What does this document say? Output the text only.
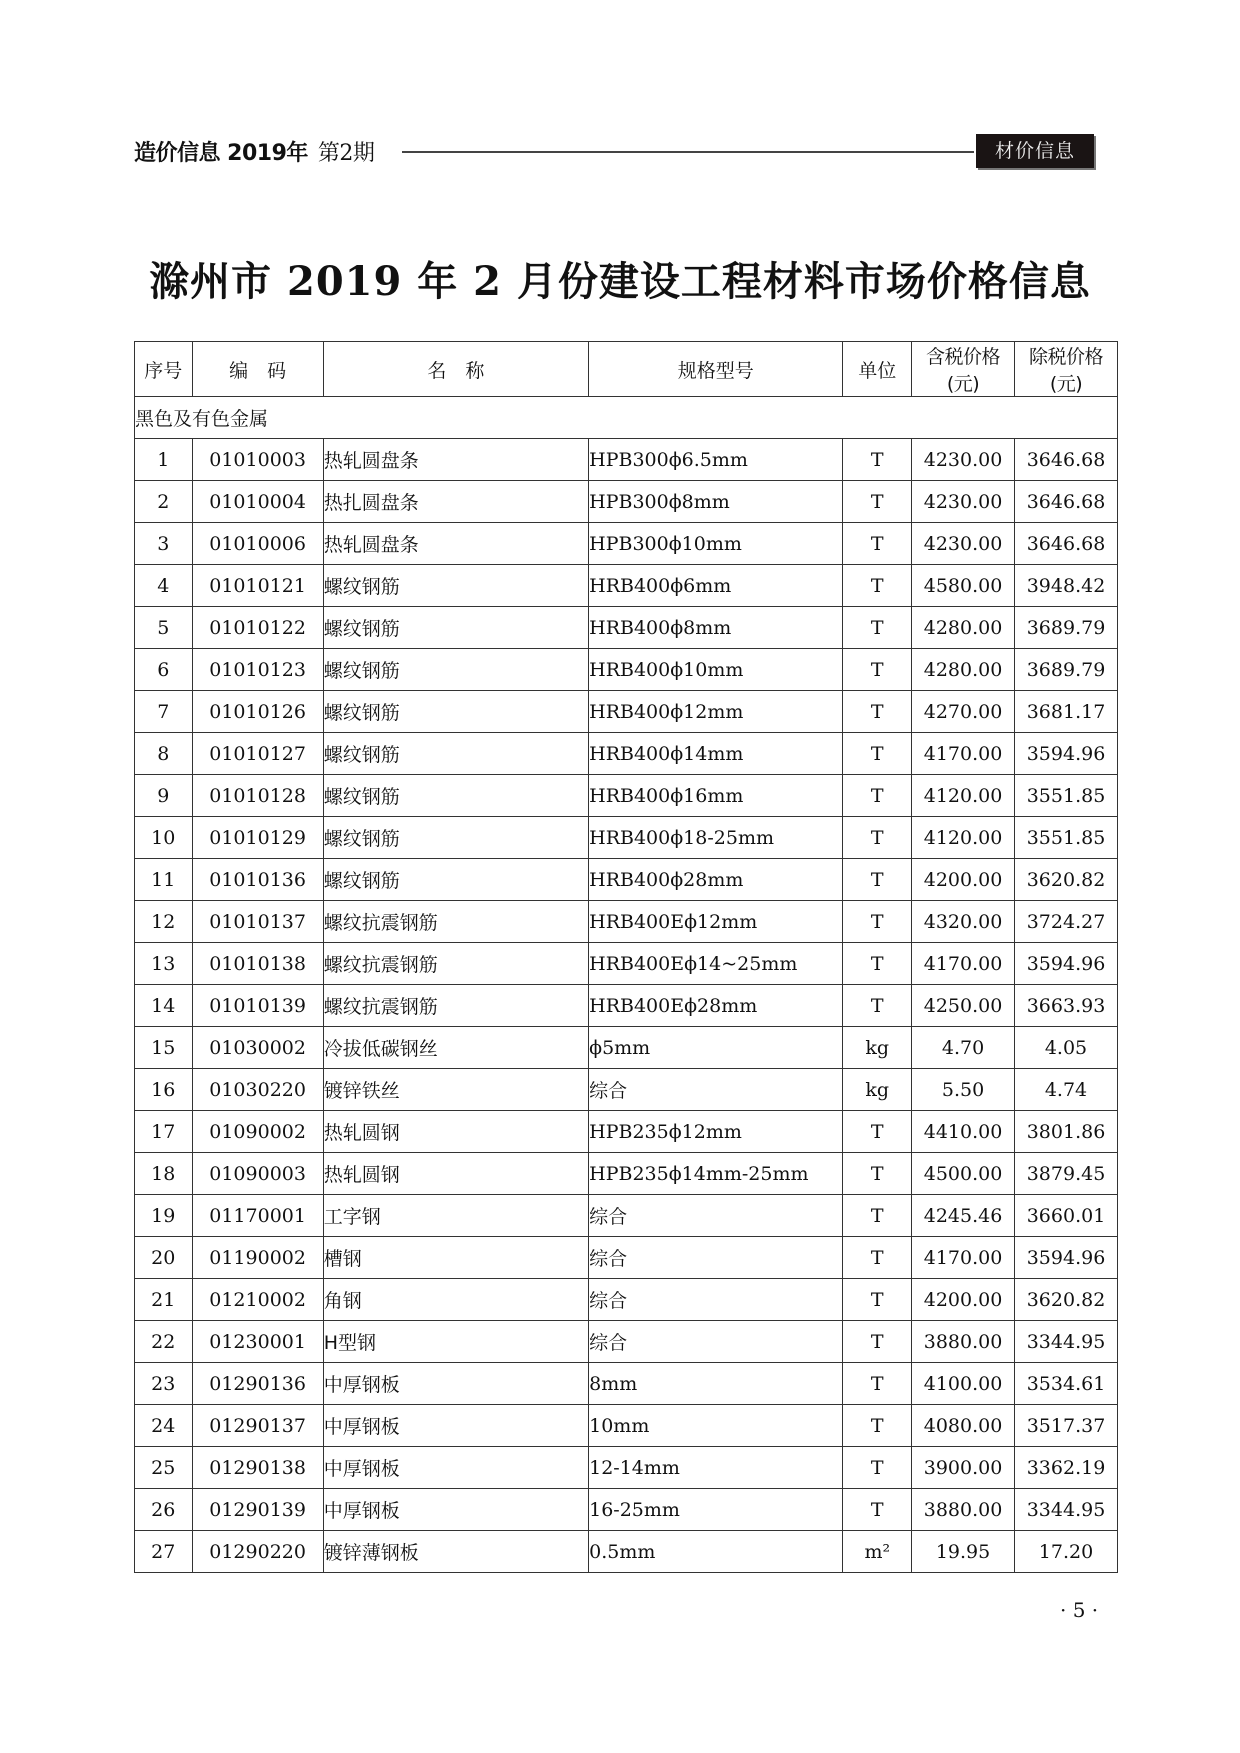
造价信息 2019年 第2期	材价信息
滁州市 2019 年 2 月份建设工程材料市场价格信息
序号	编　码	名　称	规格型号	单位	含税价格(元)	除税价格(元)
黑色及有色金属						
1	01010003	热轧圆盘条	HPB300ϕ6.5mm	T	4230.00	3646.68
2	01010004	热扎圆盘条	HPB300ϕ8mm	T	4230.00	3646.68
3	01010006	热轧圆盘条	HPB300ϕ10mm	T	4230.00	3646.68
4	01010121	螺纹钢筋	HRB400ϕ6mm	T	4580.00	3948.42
5	01010122	螺纹钢筋	HRB400ϕ8mm	T	4280.00	3689.79
6	01010123	螺纹钢筋	HRB400ϕ10mm	T	4280.00	3689.79
7	01010126	螺纹钢筋	HRB400ϕ12mm	T	4270.00	3681.17
8	01010127	螺纹钢筋	HRB400ϕ14mm	T	4170.00	3594.96
9	01010128	螺纹钢筋	HRB400ϕ16mm	T	4120.00	3551.85
10	01010129	螺纹钢筋	HRB400ϕ18-25mm	T	4120.00	3551.85
11	01010136	螺纹钢筋	HRB400ϕ28mm	T	4200.00	3620.82
12	01010137	螺纹抗震钢筋	HRB400Eϕ12mm	T	4320.00	3724.27
13	01010138	螺纹抗震钢筋	HRB400Eϕ14~25mm	T	4170.00	3594.96
14	01010139	螺纹抗震钢筋	HRB400Eϕ28mm	T	4250.00	3663.93
15	01030002	冷拔低碳钢丝	ϕ5mm	kg	4.70	4.05
16	01030220	镀锌铁丝	综合	kg	5.50	4.74
17	01090002	热轧圆钢	HPB235ϕ12mm	T	4410.00	3801.86
18	01090003	热轧圆钢	HPB235ϕ14mm-25mm	T	4500.00	3879.45
19	01170001	工字钢	综合	T	4245.46	3660.01
20	01190002	槽钢	综合	T	4170.00	3594.96
21	01210002	角钢	综合	T	4200.00	3620.82
22	01230001	H型钢	综合	T	3880.00	3344.95
23	01290136	中厚钢板	8mm	T	4100.00	3534.61
24	01290137	中厚钢板	10mm	T	4080.00	3517.37
25	01290138	中厚钢板	12-14mm	T	3900.00	3362.19
26	01290139	中厚钢板	16-25mm	T	3880.00	3344.95
27	01290220	镀锌薄钢板	0.5mm	m²	19.95	17.20
· 5 ·
